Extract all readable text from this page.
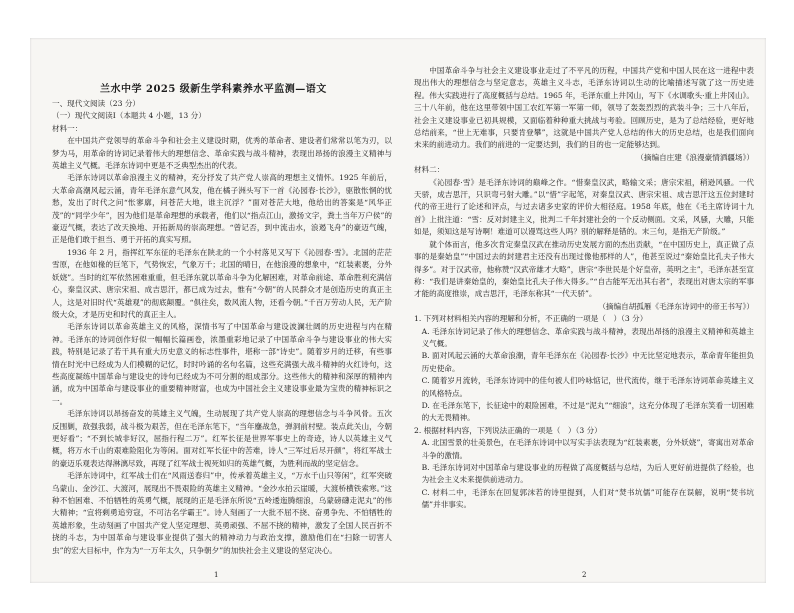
兰水中学 2025 级新生学科素养水平监测—语文

一、现代文阅读（23 分）

（一）现代文阅读Ⅰ（本题共 4 小题，13 分）

材料一：

在中国共产党领导的革命斗争和社会主义建设时期，优秀的革命者、建设者们常常以笔为刃，以梦为马，用革命的诗词记录着伟大的理想信念、革命实践与战斗精神，表现出昂扬的浪漫主义精神与英雄主义气概。毛泽东诗词中更是不乏典型杰出的代表。

毛泽东诗词以革命浪漫主义的精神，充分抒发了共产党人崇高的理想主义情怀。1925 年前后，大革命高潮风起云涌，青年毛泽东意气风发，他在橘子洲头写下一首《沁园春·长沙》，驱散怅惘的忧愁，发出了时代之问“怅寥廓，问苍茫大地，谁主沉浮？”面对苍茫大地，他给出的答案是“风华正茂”的“同学少年”，因为他们是革命理想的承载者，他们以“指点江山，激扬文字，粪土当年万户侯”的豪迈气概，表达了改天换地、开拓新局的崇高理想。“曾记否，到中流击水，浪遏飞舟”的豪迈气魄，正是他们敢于担当、勇于开拓的真实写照。

1936 年 2 月，指挥红军东征的毛泽东在陕北的一个小村落见又写下《沁园春·雪》。北国的茫茫雪原，在他如椽的巨笔下，气势恢宏，气象万千；北国的晴日，在他浪漫的想象中，“红装素裹，分外妖娆”。当时的红军依然困难重重，但毛泽东就以革命斗争为化解困难，对革命前途、革命胜利充满信心，秦皇汉武、唐宗宋祖、成吉思汗，都已成为过去，惟有“今朝”的人民群众才是创造历史的真正主人，这是对旧时代“英雄观”的彻底颠覆。“俱往矣，数风流人物，还看今朝。”千百万劳动人民，无产阶级大众，才是历史和时代的真正主人。

毛泽东诗词以革命英雄主义的风格，深情书写了中国革命与建设波澜壮阔的历史进程与内在精神。毛泽东的诗词创作好似一幅幅长篇画卷，浓墨重彩地记录了中国革命斗争与建设事业的伟大实践，特别是记录了若干具有重大历史意义的标志性事件，堪称一部“诗史”。随着岁月的迁移，有些事情在时光中已经成为人们模糊的记忆，时时吟诵的名句名篇，这些充满强大战斗精神的火红诗句，这些高度凝练中国革命与建设史的诗句已经成为不可分割的组成部分。这些伟大的精神和深厚的精神内涵，成为中国革命与建设事业的重要精神财富，也成为中国社会主义建设事业最为宝贵的精神标识之一。

毛泽东诗词以昂扬奋发的英雄主义气魄，生动展现了共产党人崇高的理想信念与斗争风骨。五次反围剿，敌强我弱，战斗极为艰苦，但在毛泽东笔下，“当年鏖战急，弹洞前村壁。装点此关山，今朝更好看”；“不到长城非好汉，屈指行程二万”。红军长征是世界军事史上的奇迹，诗人以英雄主义气概，将万水千山的艰难险阻化为等闲。面对红军长征中的苦难，诗人“三军过后尽开颜”，将红军战士的豪迈乐观表达得淋漓尽致，再现了红军战士视死如归的英雄气概，为胜利而战的坚定信念。

毛泽东诗词中，红军战士们在“风雨送春归”中，传承着英雄主义，“万水千山只等闲”，红军突破乌蒙山、金沙江、大渡河，展现出不畏艰险的英雄主义精神。“金沙水拍云崖暖，大渡桥横铁索寒。”这种不怕困难、不怕牺牲的英勇气概，展现的正是毛泽东所说“五岭逶迤腾细浪，乌蒙磅礴走泥丸”的伟大精神；“宜将剩勇追穷寇，不可沽名学霸王”。诗人刻画了一大批不屈不挠、奋勇争先、不怕牺牲的英雄形象，生动刻画了中国共产党人坚定理想、英勇顽强、不屈不挠的精神，激发了全国人民百折不挠的斗志，为中国革命与建设事业提供了强大的精神动力与政治支撑，激励他们在“扫除一切害人虫”的宏大目标中，作为为“一万年太久，只争朝夕”的加快社会主义建设的坚定决心。

中国革命斗争与社会主义建设事业走过了不平凡的历程，中国共产党和中国人民在这一进程中表现出伟大的理想信念与坚定意志，英雄主义斗志，毛泽东诗词以生动的比喻描述写就了这一历史进程。伟大实践进行了高度概括与总结。1965 年，毛泽东重上井冈山，写下《水调歌头·重上井冈山》。三十八年前，他在这里带领中国工农红军第一军第一师，领导了轰轰烈烈的武装斗争；三十八年后，社会主义建设事业已初具规模，又面临着种种重大挑战与考验。回顾历史，是为了总结经验，更好地总结前来，“世上无难事，只要肯登攀”，这就是中国共产党人总结的伟大的历史总结，也是我们面向未来的前进动力。我们的前进的一定要达到，我们的目的也一定能够达到。

（摘编自庄建《浪漫豪情洒疆场》）

材料二：

《沁园春·雪》是毛泽东诗词的巅峰之作。“惜秦皇汉武，略输文采；唐宗宋祖，稍逊风骚。一代天骄，成吉思汗，只识弯弓射大雕。”以“惜”字起笔，对秦皇汉武、唐宗宋祖、成吉思汗这五位封建时代的帝王进行了论述和评点，与过去诸多史家的评价大相径庭。1958 年底，他在《毛主席诗词十九首》上批注道：“雪：反对封建主义，批判二千年封建社会的一个反动侧面。文采，风骚，大雕，只能如是，须知这是写诗啊！难道可以谩骂这些人吗？别的解释是错的。末三句，是指无产阶级。”

就个体而言，他多次肯定秦皇汉武在推动历史发展方面的杰出贡献，“在中国历史上，真正做了点事的是秦始皇”“中国过去的封建君主还没有出现过像他那样的人”，他甚至说过“秦始皇比孔夫子伟大得多”。对于汉武帝，他称赞“汉武帝雄才大略”，唐宗“李世民是个好皇帝，英明之主”，毛泽东甚至宣称：“我们是讲秦始皇的，秦始皇比孔夫子伟大得多。”“自古能军无出其右者”，表现出对唐太宗的军事才能的高度推崇，成吉思汗，毛泽东称其“一代天骄”。

（摘编自胡孤雁《毛泽东诗词中的帝王书写》）

1. 下列对材料相关内容的理解和分析，不正确的一项是（　）（3 分）

A. 毛泽东诗词记录了伟大的理想信念、革命实践与战斗精神，表现出昂扬的浪漫主义精神和英雄主义气概。

B. 面对风起云涌的大革命浪潮，青年毛泽东在《沁园春·长沙》中无比坚定地表示，革命青年能担负历史使命。

C. 随着岁月流转，毛泽东诗词中的佳句被人们吟咏惦记，世代流传，继于毛泽东诗词革命英雄主义的风格特点。

D. 在毛泽东笔下，长征途中的艰险困难，不过是“泥丸”“细浪”，这充分体现了毛泽东笑看一切困难的大无畏精神。

2. 根据材料内容，下列说法正确的一项是（　）（3 分）

A. 北国雪景的壮美景色，在毛泽东诗词中以写实手法表现为“红装素裹，分外妖娆”，寄寓出对革命斗争的激情。

B. 毛泽东诗词对中国革命与建设事业的历程做了高度概括与总结，为后人更好前进提供了经验，也为社会主义未来提供前进动力。

C. 材料二中，毛泽东在回复郭沫若的诗里提到，人们对“焚书坑儒”可能存在误解，说明“焚书坑儒”并非事实。

1	2
